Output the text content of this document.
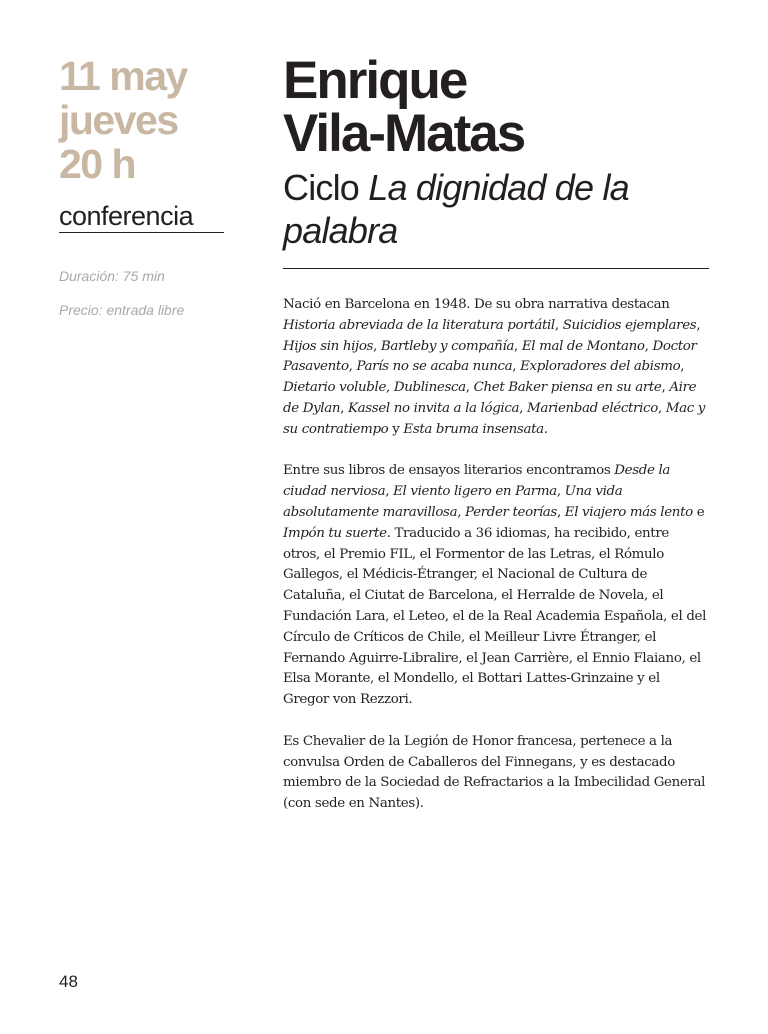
11 may
jueves
20 h
conferencia
Duración: 75 min
Precio: entrada libre
Enrique
Vila-Matas
Ciclo La dignidad de la palabra

Nació en Barcelona en 1948. De su obra narrativa destacan Historia abreviada de la literatura portátil, Suicidios ejemplares, Hijos sin hijos, Bartleby y compañía, El mal de Montano, Doctor Pasavento, París no se acaba nunca, Exploradores del abismo, Dietario voluble, Dublinesca, Chet Baker piensa en su arte, Aire de Dylan, Kassel no invita a la lógica, Marienbad eléctrico, Mac y su contratiempo y Esta bruma insensata.

Entre sus libros de ensayos literarios encontramos Desde la ciudad nerviosa, El viento ligero en Parma, Una vida absolutamente maravillosa, Perder teorías, El viajero más lento e Impón tu suerte. Traducido a 36 idiomas, ha recibido, entre otros, el Premio FIL, el Formentor de las Letras, el Rómulo Gallegos, el Médicis-Étranger, el Nacional de Cultura de Cataluña, el Ciutat de Barcelona, el Herralde de Novela, el Fundación Lara, el Leteo, el de la Real Academia Española, el del Círculo de Críticos de Chile, el Meilleur Livre Étranger, el Fernando Aguirre-Libralire, el Jean Carrière, el Ennio Flaiano, el Elsa Morante, el Mondello, el Bottari Lattes-Grinzaine y el Gregor von Rezzori.

Es Chevalier de la Legión de Honor francesa, pertenece a la convulsa Orden de Caballeros del Finnegans, y es destacado miembro de la Sociedad de Refractarios a la Imbecilidad General (con sede en Nantes).

48
